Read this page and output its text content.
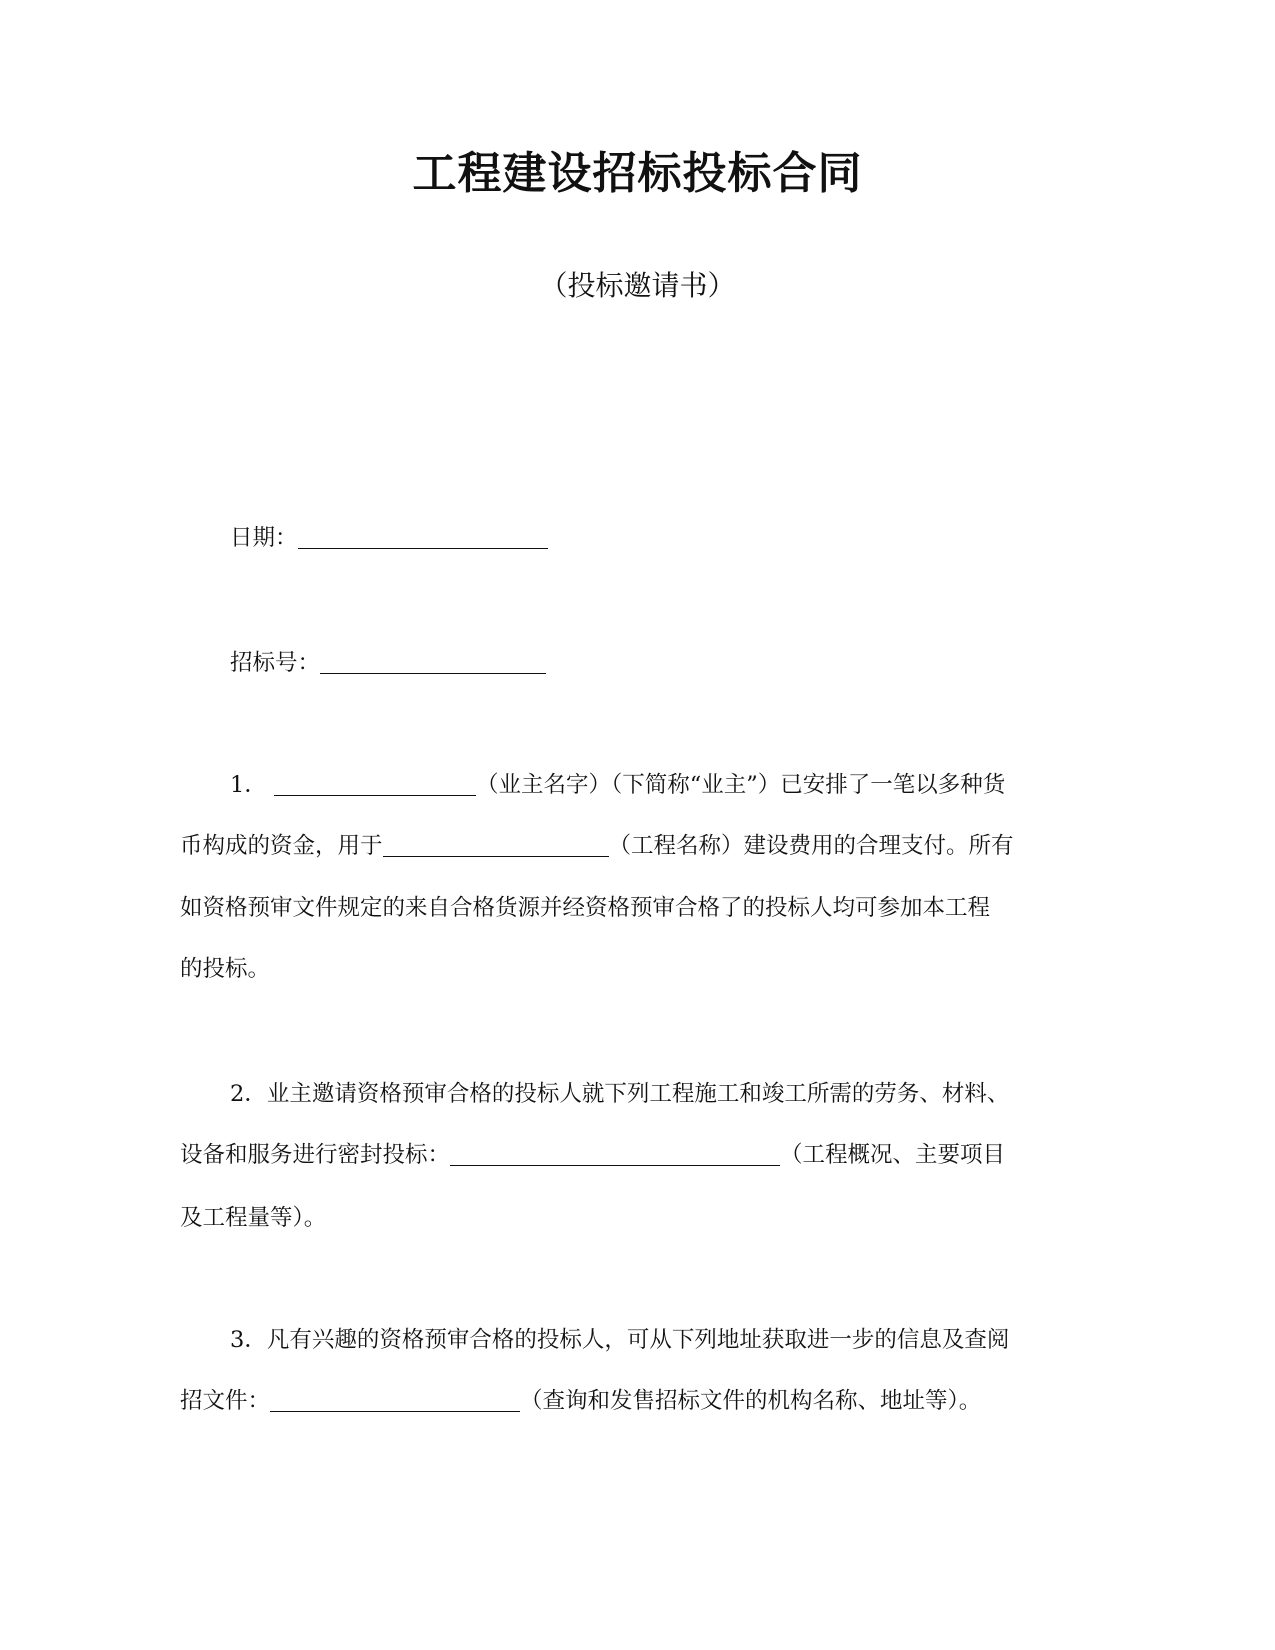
工程建设招标投标合同
（投标邀请书）
日期：
招标号：
1．	（业主名字）（下简称“业主”）已安排了一笔以多种货
币构成的资金，用于	（工程名称）建设费用的合理支付。所有
如资格预审文件规定的来自合格货源并经资格预审合格了的投标人均可参加本工程
的投标。
2．业主邀请资格预审合格的投标人就下列工程施工和竣工所需的劳务、材料、
设备和服务进行密封投标：	（工程概况、主要项目
及工程量等）。
3．凡有兴趣的资格预审合格的投标人，可从下列地址获取进一步的信息及查阅
招文件：	（查询和发售招标文件的机构名称、地址等）。
